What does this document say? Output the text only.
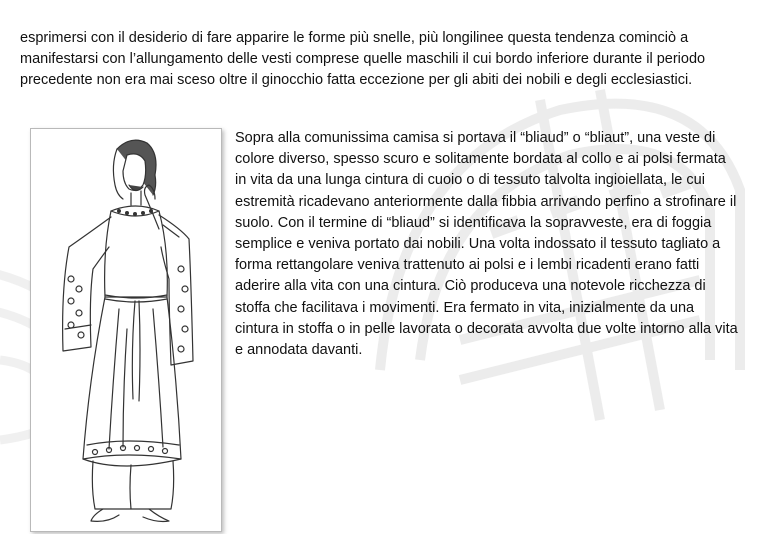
esprimersi con il desiderio di fare apparire le forme più snelle, più longilinee questa tendenza cominciò a manifestarsi con l’allungamento delle vesti comprese quelle maschili il cui bordo inferiore durante il periodo precedente non era mai sceso oltre il ginocchio fatta eccezione per gli abiti dei nobili e degli ecclesiastici.

Sopra alla comunissima camisa si portava il “bliaud” o “bliaut”, una veste di colore diverso, spesso scuro e solitamente bordata al collo e ai polsi fermata in vita da una lunga cintura di cuoio o di tessuto talvolta ingioiellata, le cui estremità ricadevano anteriormente dalla fibbia arrivando perfino a strofinare il suolo. Con il termine di “bliaud” si identificava la sopravveste, era di foggia semplice e veniva portato dai nobili. Una volta indossato il tessuto tagliato a forma rettangolare veniva trattenuto ai polsi e i lembi ricadenti erano fatti aderire alla vita con una cintura. Ciò produceva una notevole ricchezza di stoffa che facilitava i movimenti. Era fermato in vita, inizialmente da una cintura in stoffa o in pelle lavorata o decorata avvolta due volte intorno alla vita e annodata davanti.
